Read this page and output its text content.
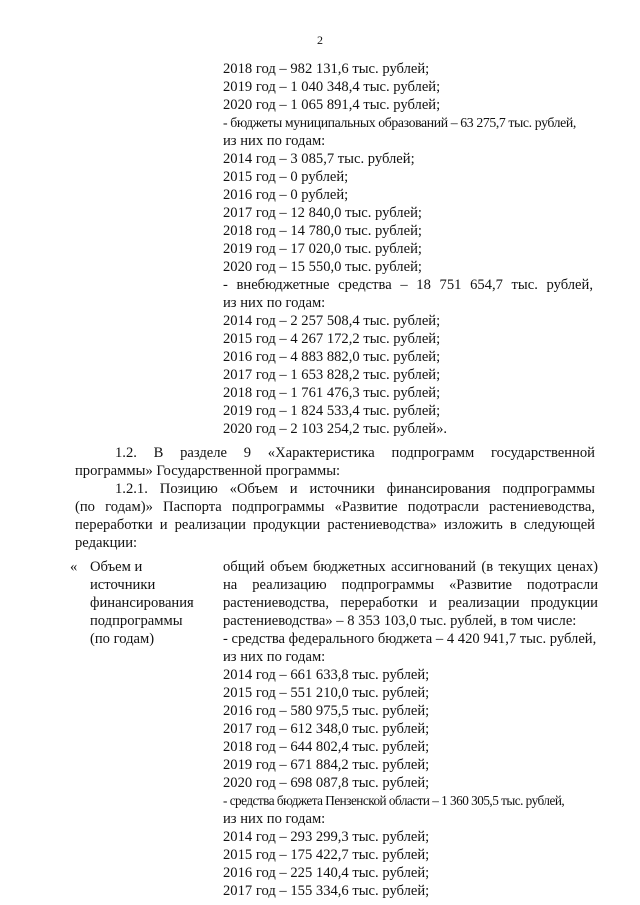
2
2018 год – 982 131,6 тыс. рублей;
2019 год – 1 040 348,4 тыс. рублей;
2020 год – 1 065 891,4 тыс. рублей;
- бюджеты муниципальных образований – 63 275,7 тыс. рублей,
из них по годам:
2014 год – 3 085,7 тыс. рублей;
2015 год – 0 рублей;
2016 год – 0 рублей;
2017 год – 12 840,0 тыс. рублей;
2018 год – 14 780,0 тыс. рублей;
2019 год – 17 020,0 тыс. рублей;
2020 год – 15 550,0 тыс. рублей;
- внебюджетные средства – 18 751 654,7 тыс. рублей,
из них по годам:
2014 год – 2 257 508,4 тыс. рублей;
2015 год – 4 267 172,2 тыс. рублей;
2016 год – 4 883 882,0 тыс. рублей;
2017 год – 1 653 828,2 тыс. рублей;
2018 год – 1 761 476,3 тыс. рублей;
2019 год – 1 824 533,4 тыс. рублей;
2020 год – 2 103 254,2 тыс. рублей».
1.2. В разделе 9 «Характеристика подпрограмм государственной
программы» Государственной программы:
1.2.1. Позицию «Объем и источники финансирования подпрограммы
(по годам)» Паспорта подпрограммы «Развитие подотрасли растениеводства,
переработки и реализации продукции растениеводства» изложить в следующей
редакции:
« Объем и
источники
финансирования
подпрограммы
(по годам)
общий объем бюджетных ассигнований (в текущих ценах)
на реализацию подпрограммы «Развитие подотрасли
растениеводства, переработки и реализации продукции
растениеводства» – 8 353 103,0 тыс. рублей, в том числе:
- средства федерального бюджета – 4 420 941,7 тыс. рублей,
из них по годам:
2014 год – 661 633,8 тыс. рублей;
2015 год – 551 210,0 тыс. рублей;
2016 год – 580 975,5 тыс. рублей;
2017 год – 612 348,0 тыс. рублей;
2018 год – 644 802,4 тыс. рублей;
2019 год – 671 884,2 тыс. рублей;
2020 год – 698 087,8 тыс. рублей;
- средства бюджета Пензенской области – 1 360 305,5 тыс. рублей,
из них по годам:
2014 год – 293 299,3 тыс. рублей;
2015 год – 175 422,7 тыс. рублей;
2016 год – 225 140,4 тыс. рублей;
2017 год – 155 334,6 тыс. рублей;
